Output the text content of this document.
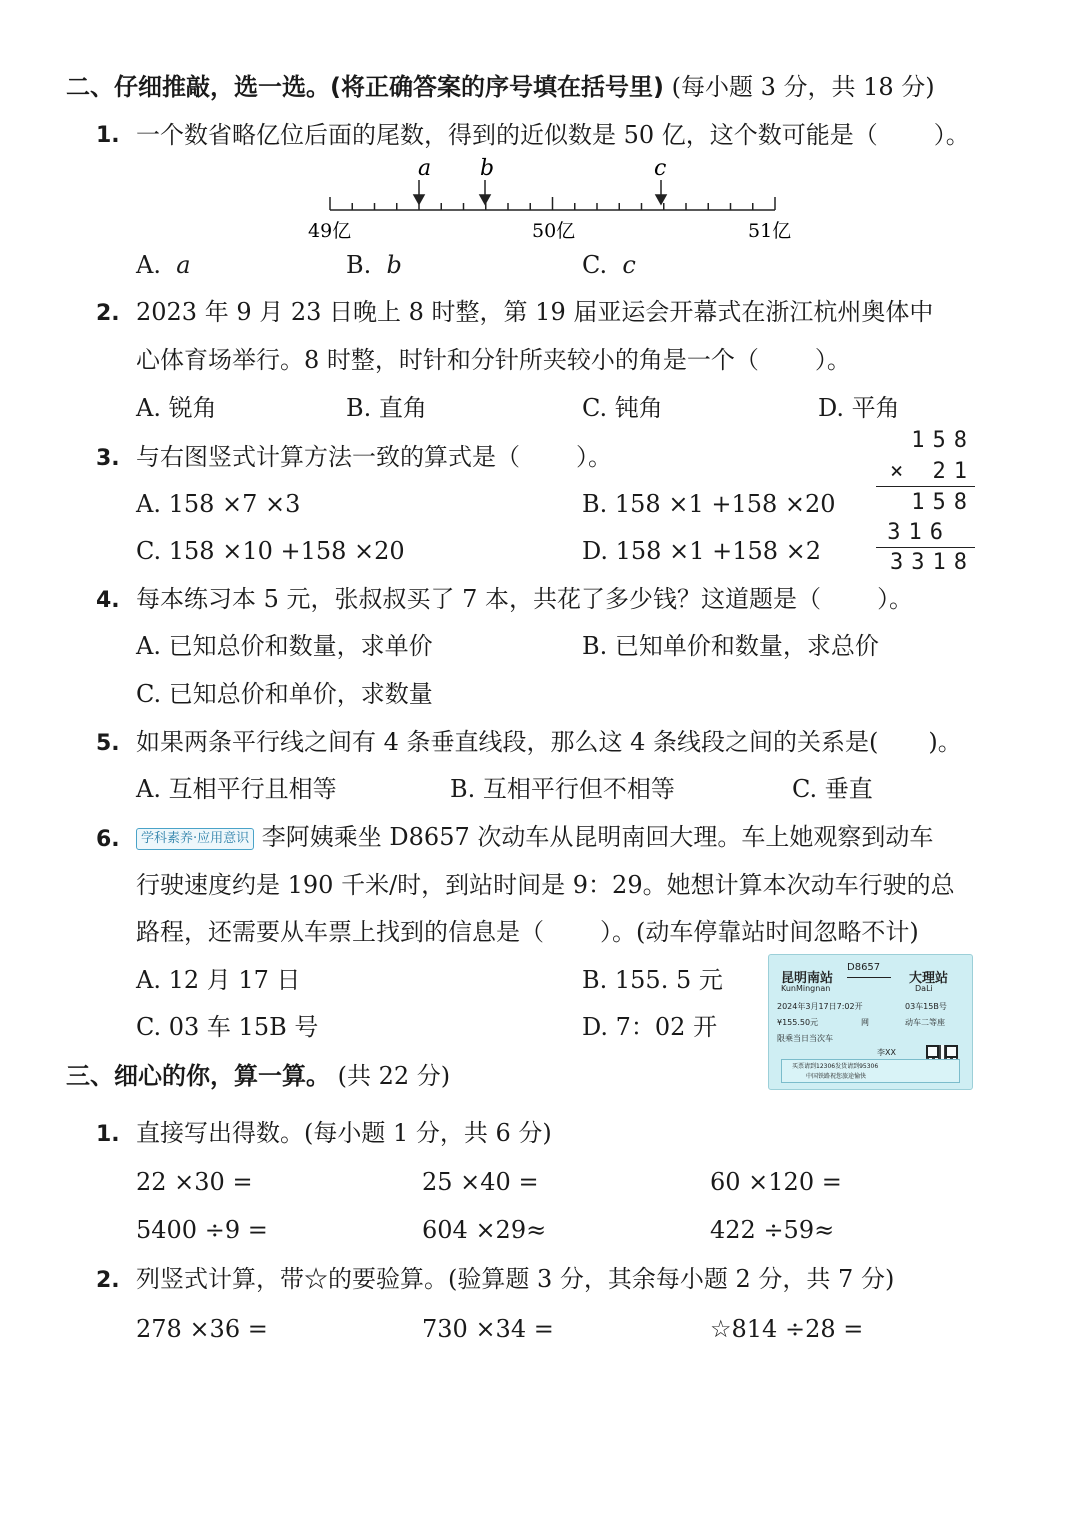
二、仔细推敲，选一选。(将正确答案的序号填在括号里) (每小题 3 分，共 18 分)
1. 一个数省略亿位后面的尾数，得到的近似数是 50 亿，这个数可能是（ ）。
a b	c
49亿	50亿	51亿
A. a	B. b	C. c
2. 2023 年 9 月 23 日晚上 8 时整，第 19 届亚运会开幕式在浙江杭州奥体中
心体育场举行。8 时整，时针和分针所夹较小的角是一个（ ）。
A. 锐角	B. 直角	C. 钝角	D. 平角
3. 与右图竖式计算方法一致的算式是（ ）。
A. 158 ×7 ×3	B. 158 ×1 +158 ×20
C. 158 ×10 +158 ×20	D. 158 ×1 +158 ×2
158
× 21
158
316
3318
4. 每本练习本 5 元，张叔叔买了 7 本，共花了多少钱？这道题是（ ）。
A. 已知总价和数量，求单价	B. 已知单价和数量，求总价
C. 已知总价和单价，求数量
5. 如果两条平行线之间有 4 条垂直线段，那么这 4 条线段之间的关系是( )。
A. 互相平行且相等	B. 互相平行但不相等	C. 垂直
6.	学科素养·应用意识 李阿姨乘坐 D8657 次动车从昆明南回大理。车上她观察到动车
行驶速度约是 190 千米/时，到站时间是 9：29。她想计算本次动车行驶的总
路程，还需要从车票上找到的信息是（ ）。(动车停靠站时间忽略不计)
A. 12 月 17 日	B. 155. 5 元
C. 03 车 15B 号	D. 7：02 开
昆明南站
KunMingnan
D8657
大理站
DaLi
2024年3月17日7:02开	03车15B号
¥155.50元	网	动车二等座
限乘当日当次车
李XX
买票请到12306发货请到95306
中国铁路祝您旅途愉快
三、细心的你，算一算。 (共 22 分)
1. 直接写出得数。(每小题 1 分，共 6 分)
22 ×30 =	25 ×40 =	60 ×120 =
5400 ÷9 =	604 ×29≈	422 ÷59≈
2. 列竖式计算，带☆的要验算。(验算题 3 分，其余每小题 2 分，共 7 分)
278 ×36 =	730 ×34 =	☆814 ÷28 =
